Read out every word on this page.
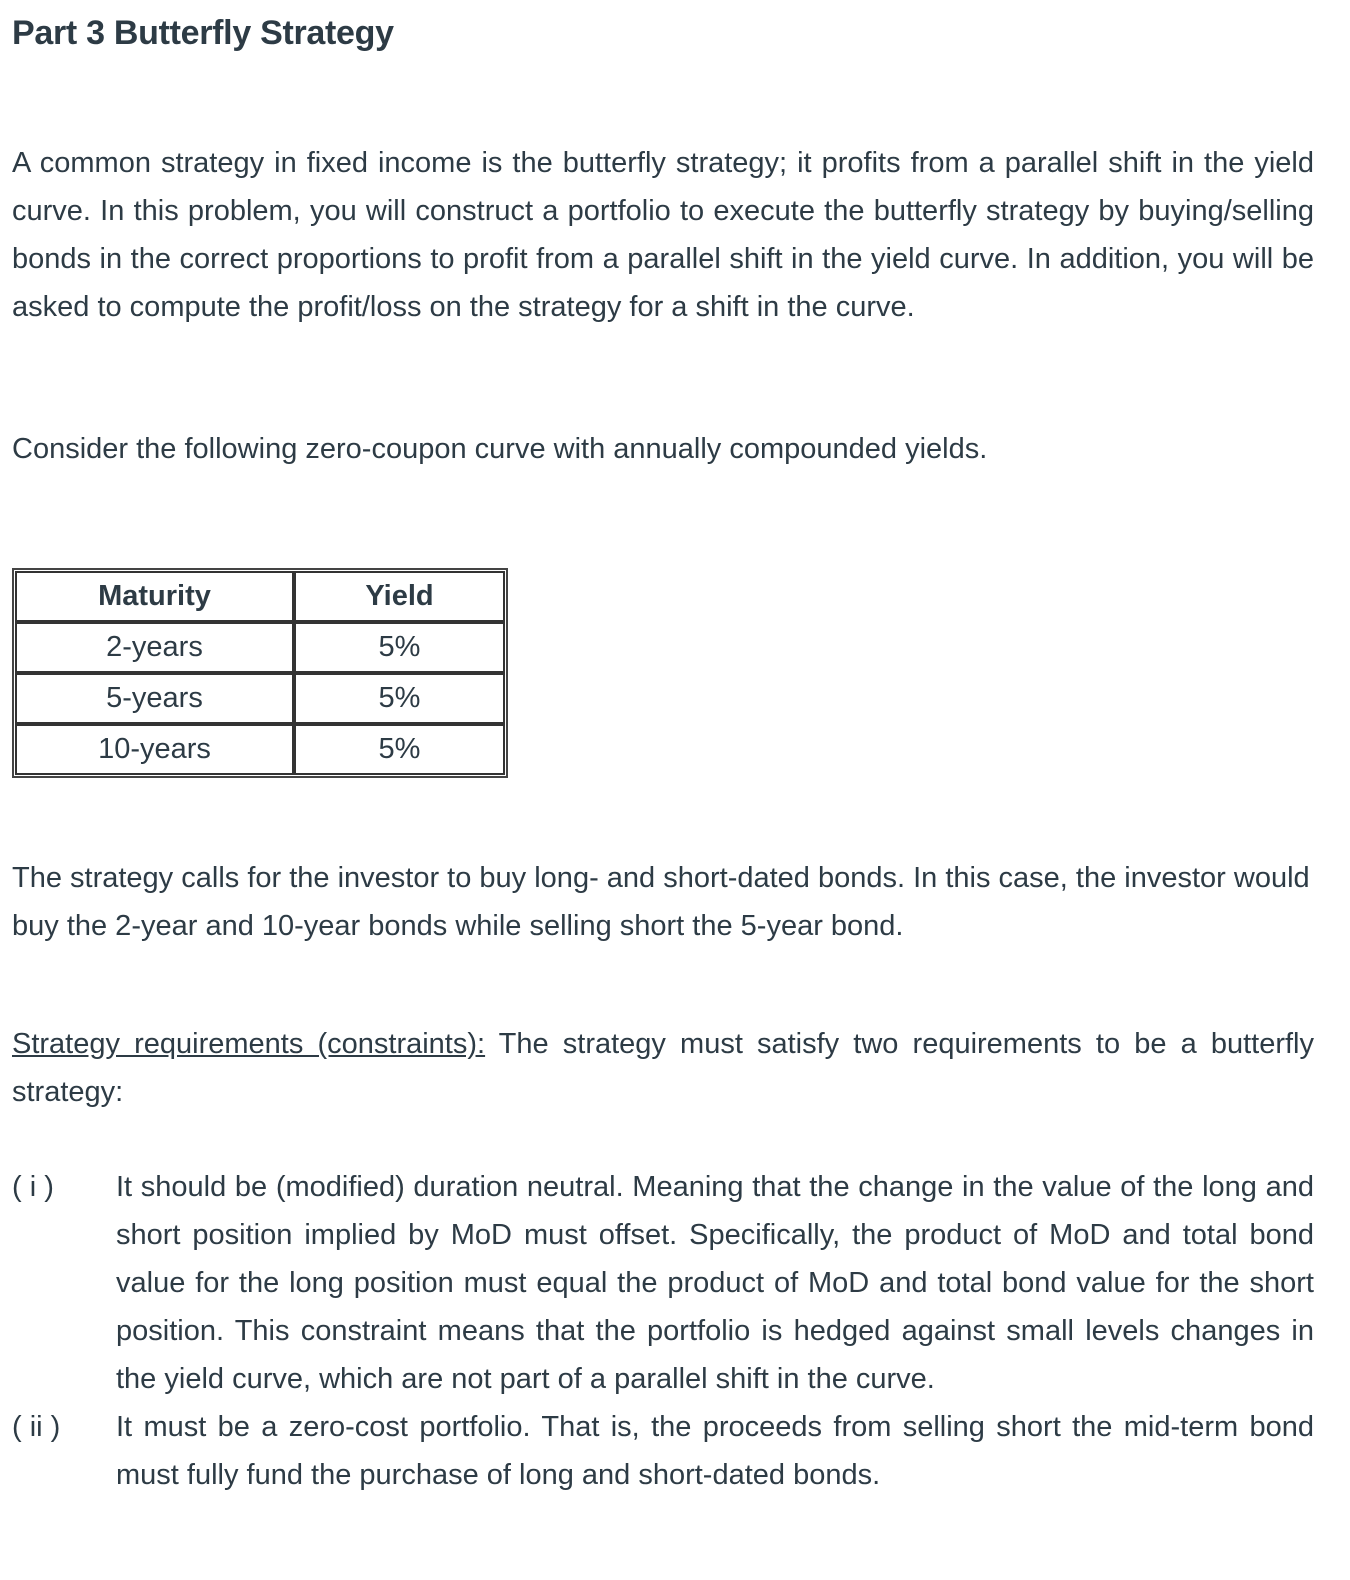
Part 3 Butterfly Strategy

A common strategy in fixed income is the butterfly strategy; it profits from a parallel shift in the yield curve. In this problem, you will construct a portfolio to execute the butterfly strategy by buying/selling bonds in the correct proportions to profit from a parallel shift in the yield curve. In addition, you will be asked to compute the profit/loss on the strategy for a shift in the curve.

Consider the following zero-coupon curve with annually compounded yields.

Maturity	Yield
2-years	5%
5-years	5%
10-years	5%

The strategy calls for the investor to buy long- and short-dated bonds. In this case, the investor would buy the 2-year and 10-year bonds while selling short the 5-year bond.

Strategy requirements (constraints): The strategy must satisfy two requirements to be a butterfly strategy:

( i )	It should be (modified) duration neutral. Meaning that the change in the value of the long and short position implied by MoD must offset. Specifically, the product of MoD and total bond value for the long position must equal the product of MoD and total bond value for the short position. This constraint means that the portfolio is hedged against small levels changes in the yield curve, which are not part of a parallel shift in the curve.

( ii )	It must be a zero-cost portfolio. That is, the proceeds from selling short the mid-term bond must fully fund the purchase of long and short-dated bonds.
